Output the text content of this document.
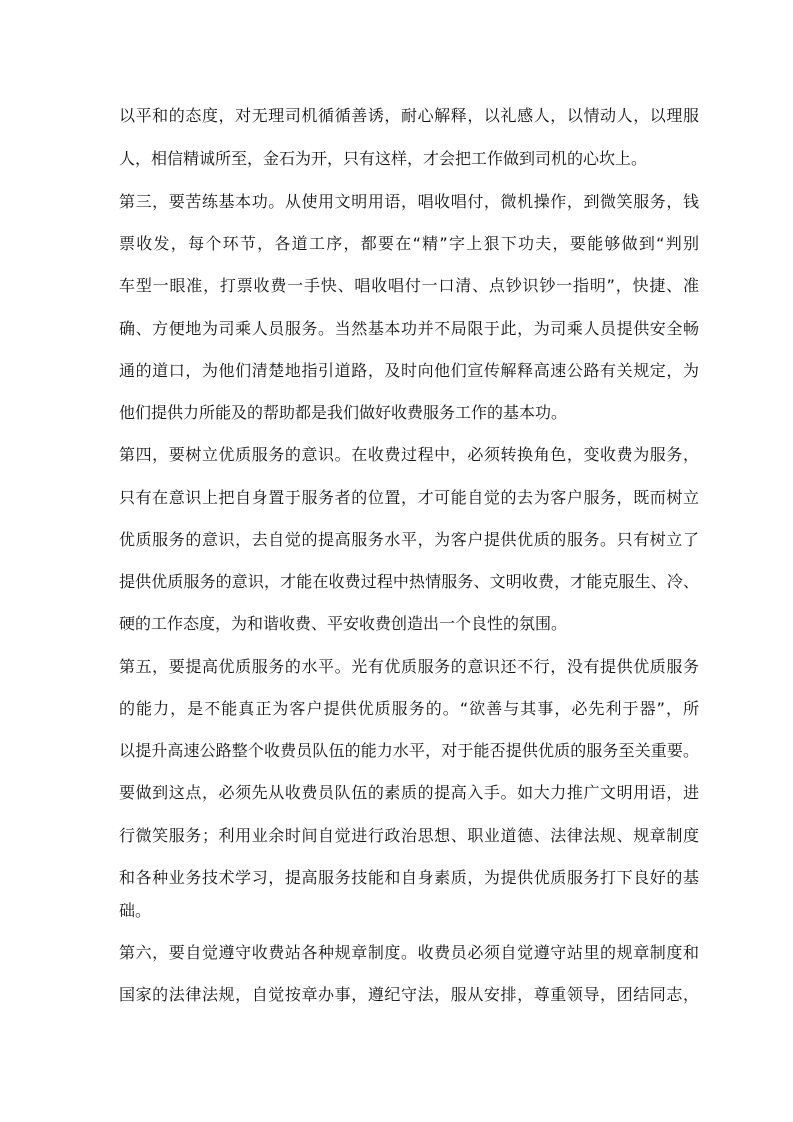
以平和的态度，对无理司机循循善诱，耐心解释，以礼感人，以情动人，以理服
人，相信精诚所至，金石为开，只有这样，才会把工作做到司机的心坎上。
第三，要苦练基本功。从使用文明用语，唱收唱付，微机操作，到微笑服务，钱
票收发，每个环节，各道工序，都要在“精”字上狠下功夫，要能够做到“判别
车型一眼准，打票收费一手快、唱收唱付一口清、点钞识钞一指明”，快捷、准
确、方便地为司乘人员服务。当然基本功并不局限于此，为司乘人员提供安全畅
通的道口，为他们清楚地指引道路，及时向他们宣传解释高速公路有关规定，为
他们提供力所能及的帮助都是我们做好收费服务工作的基本功。
第四，要树立优质服务的意识。在收费过程中，必须转换角色，变收费为服务，
只有在意识上把自身置于服务者的位置，才可能自觉的去为客户服务，既而树立
优质服务的意识，去自觉的提高服务水平，为客户提供优质的服务。只有树立了
提供优质服务的意识，才能在收费过程中热情服务、文明收费，才能克服生、冷、
硬的工作态度，为和谐收费、平安收费创造出一个良性的氛围。
第五，要提高优质服务的水平。光有优质服务的意识还不行，没有提供优质服务
的能力，是不能真正为客户提供优质服务的。“欲善与其事，必先利于器”，所
以提升高速公路整个收费员队伍的能力水平，对于能否提供优质的服务至关重要。
要做到这点，必须先从收费员队伍的素质的提高入手。如大力推广文明用语，进
行微笑服务；利用业余时间自觉进行政治思想、职业道德、法律法规、规章制度
和各种业务技术学习，提高服务技能和自身素质，为提供优质服务打下良好的基
础。
第六，要自觉遵守收费站各种规章制度。收费员必须自觉遵守站里的规章制度和
国家的法律法规，自觉按章办事，遵纪守法，服从安排，尊重领导，团结同志，
